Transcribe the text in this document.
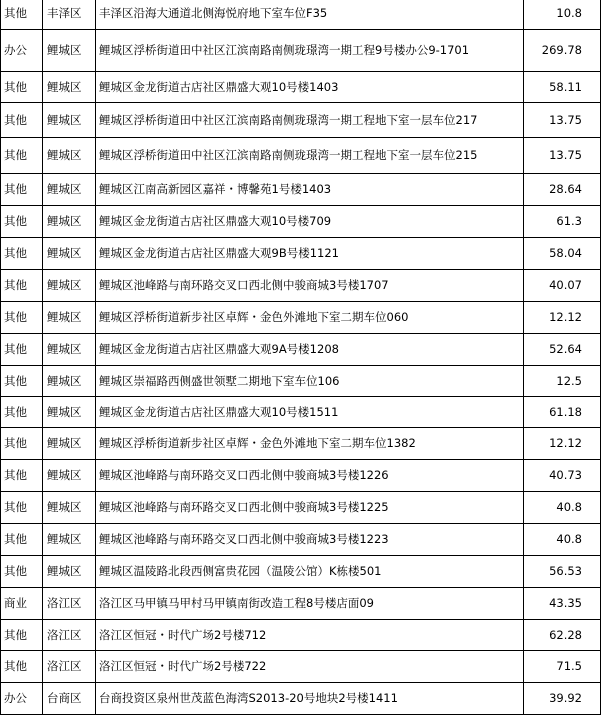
其他	丰泽区	丰泽区沿海大通道北侧海悦府地下室车位F35	10.8
办公	鲤城区	鲤城区浮桥街道田中社区江滨南路南侧珑璟湾一期工程9号楼办公9-1701	269.78
其他	鲤城区	鲤城区金龙街道古店社区鼎盛大观10号楼1403	58.11
其他	鲤城区	鲤城区浮桥街道田中社区江滨南路南侧珑璟湾一期工程地下室一层车位217	13.75
其他	鲤城区	鲤城区浮桥街道田中社区江滨南路南侧珑璟湾一期工程地下室一层车位215	13.75
其他	鲤城区	鲤城区江南高新园区嘉祥・博馨苑1号楼1403	28.64
其他	鲤城区	鲤城区金龙街道古店社区鼎盛大观10号楼709	61.3
其他	鲤城区	鲤城区金龙街道古店社区鼎盛大观9B号楼1121	58.04
其他	鲤城区	鲤城区池峰路与南环路交叉口西北侧中骏商城3号楼1707	40.07
其他	鲤城区	鲤城区浮桥街道新步社区卓辉・金色外滩地下室二期车位060	12.12
其他	鲤城区	鲤城区金龙街道古店社区鼎盛大观9A号楼1208	52.64
其他	鲤城区	鲤城区崇福路西侧盛世领墅二期地下室车位106	12.5
其他	鲤城区	鲤城区金龙街道古店社区鼎盛大观10号楼1511	61.18
其他	鲤城区	鲤城区浮桥街道新步社区卓辉・金色外滩地下室二期车位1382	12.12
其他	鲤城区	鲤城区池峰路与南环路交叉口西北侧中骏商城3号楼1226	40.73
其他	鲤城区	鲤城区池峰路与南环路交叉口西北侧中骏商城3号楼1225	40.8
其他	鲤城区	鲤城区池峰路与南环路交叉口西北侧中骏商城3号楼1223	40.8
其他	鲤城区	鲤城区温陵路北段西侧富贵花园（温陵公馆）K栋楼501	56.53
商业	洛江区	洛江区马甲镇马甲村马甲镇南街改造工程8号楼店面09	43.35
其他	洛江区	洛江区恒冠・时代广场2号楼712	62.28
其他	洛江区	洛江区恒冠・时代广场2号楼722	71.5
办公	台商区	台商投资区泉州世茂蓝色海湾S2013-20号地块2号楼1411	39.92
